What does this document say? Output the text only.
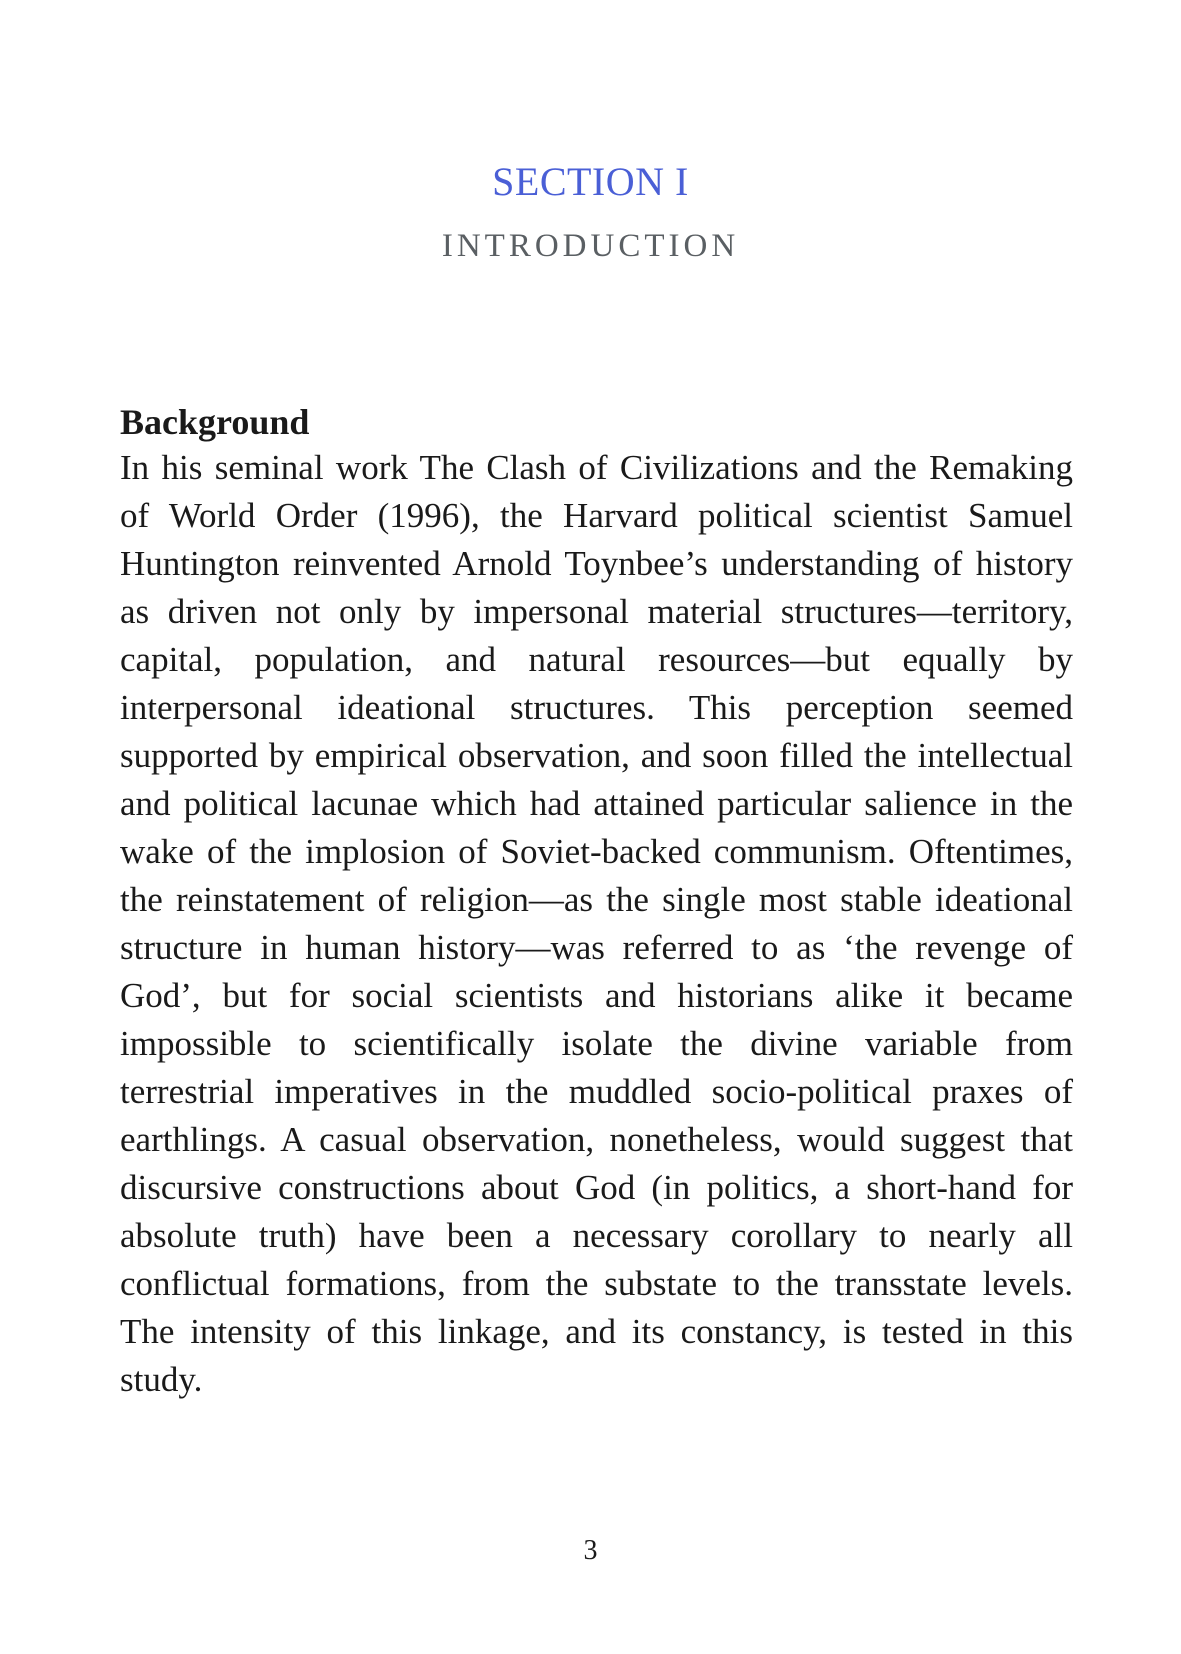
SECTION I
INTRODUCTION
Background

In his seminal work The Clash of Civilizations and the Remaking of World Order (1996), the Harvard political scientist Samuel Huntington reinvented Arnold Toynbee’s understanding of history as driven not only by impersonal material structures—territory, capital, population, and natural resources—but equally by interpersonal ideational structures. This perception seemed supported by empirical observation, and soon filled the intellectual and political lacunae which had attained particular salience in the wake of the implosion of Soviet-backed communism. Oftentimes, the reinstatement of religion—as the single most stable ideational structure in human history—was referred to as ‘the revenge of God’, but for social scientists and historians alike it became impossible to scientifically isolate the divine variable from terrestrial imperatives in the muddled socio-political praxes of earthlings. A casual observation, nonetheless, would suggest that discursive constructions about God (in politics, a short-hand for absolute truth) have been a necessary corollary to nearly all conflictual formations, from the substate to the transstate levels. The intensity of this linkage, and its constancy, is tested in this study.

3
